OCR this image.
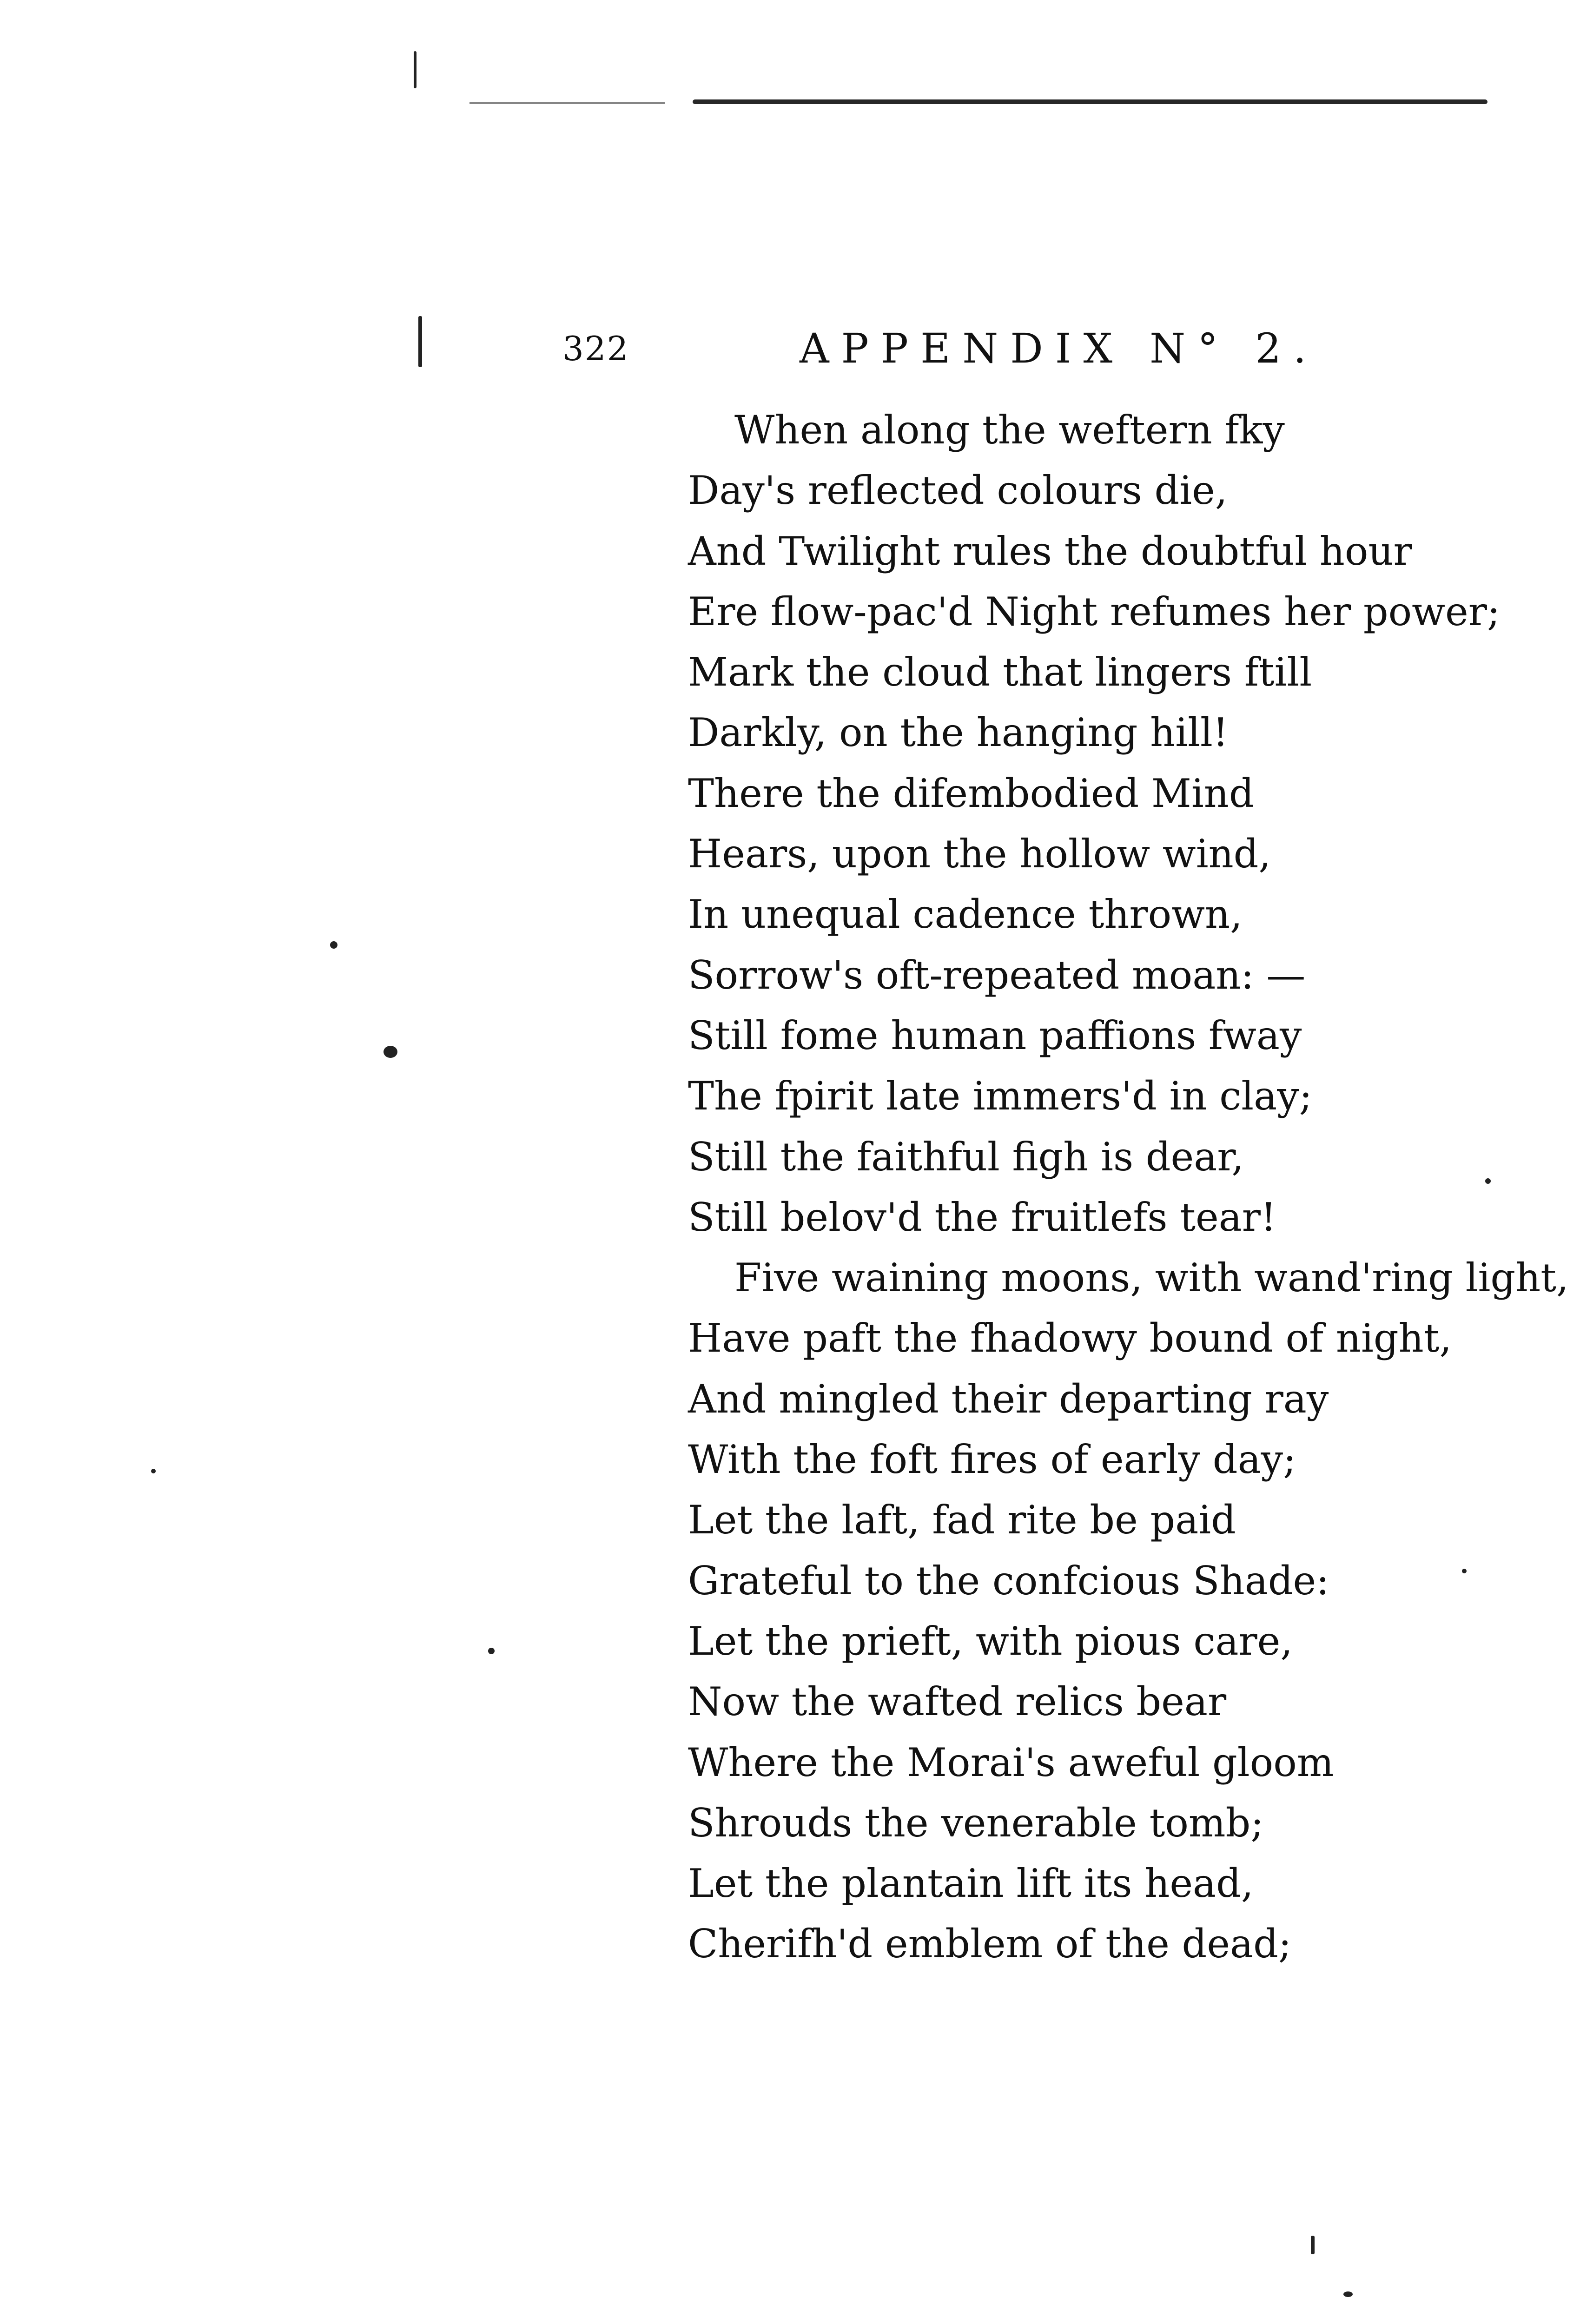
322	APPENDIX N° 2.
When along the weftern fky
Day's reflected colours die,
And Twilight rules the doubtful hour
Ere flow-pac'd Night refumes her power;
Mark the cloud that lingers ftill
Darkly, on the hanging hill!
There the difembodied Mind
Hears, upon the hollow wind,
In unequal cadence thrown,
Sorrow's oft-repeated moan: —
Still fome human paffions fway
The fpirit late immers'd in clay;
Still the faithful figh is dear,
Still belov'd the fruitlefs tear!
Five waining moons, with wand'ring light,
Have paft the fhadowy bound of night,
And mingled their departing ray
With the foft fires of early day;
Let the laft, fad rite be paid
Grateful to the confcious Shade:
Let the prieft, with pious care,
Now the wafted relics bear
Where the Morai's aweful gloom
Shrouds the venerable tomb;
Let the plantain lift its head,
Cherifh'd emblem of the dead;
